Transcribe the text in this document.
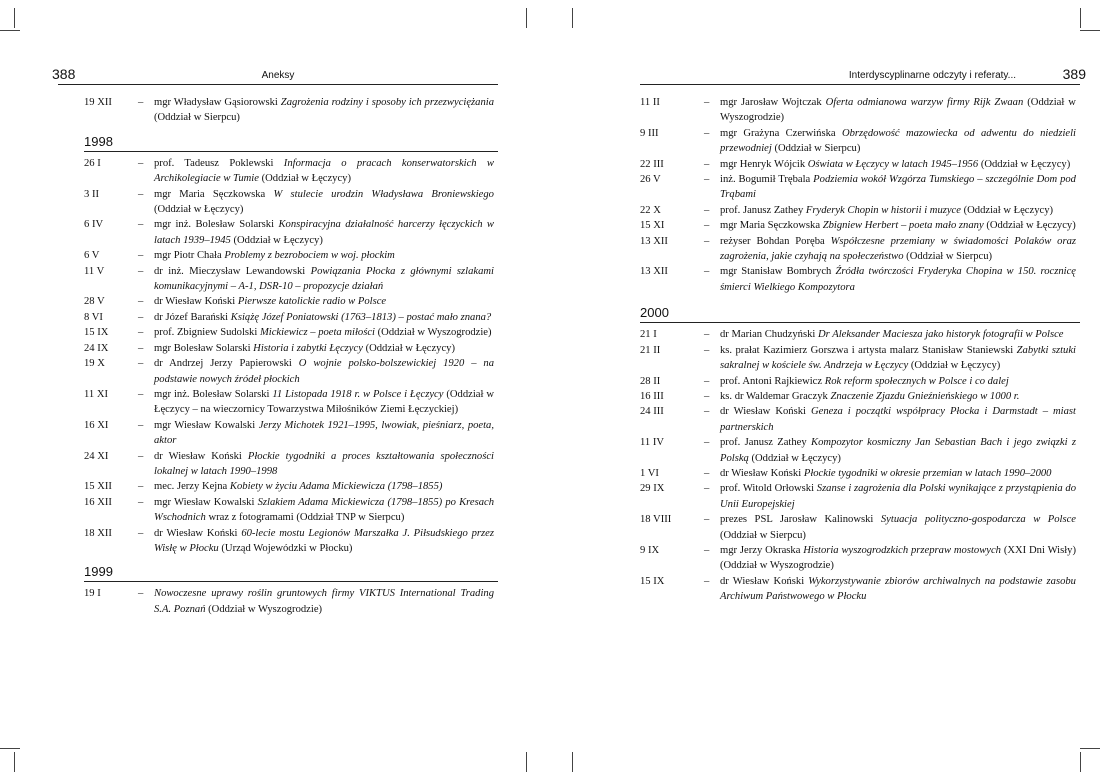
388	Aneksy
19 XII	–	mgr Władysław Gąsiorowski Zagrożenia rodziny i sposoby ich przezwyciężania (Oddział w Sierpcu)
1998
26 I	–	prof. Tadeusz Poklewski Informacja o pracach konserwatorskich w Archikolegiacie w Tumie (Oddział w Łęczycy)
3 II	–	mgr Maria Sęczkowska W stulecie urodzin Władysława Broniewskiego (Oddział w Łęczycy)
6 IV	–	mgr inż. Bolesław Solarski Konspiracyjna działalność harcerzy łęczyckich w latach 1939–1945 (Oddział w Łęczycy)
6 V	–	mgr Piotr Chała Problemy z bezrobociem w woj. płockim
11 V	–	dr inż. Mieczysław Lewandowski Powiązania Płocka z głównymi szlakami komunikacyjnymi – A-1, DSR-10 – propozycje działań
28 V	–	dr Wiesław Koński Pierwsze katolickie radio w Polsce
8 VI	–	dr Józef Barański Książę Józef Poniatowski (1763–1813) – postać mało znana?
15 IX	–	prof. Zbigniew Sudolski Mickiewicz – poeta miłości (Oddział w Wyszogrodzie)
24 IX	–	mgr Bolesław Solarski Historia i zabytki Łęczycy (Oddział w Łęczycy)
19 X	–	dr Andrzej Jerzy Papierowski O wojnie polsko-bolszewickiej 1920 – na podstawie nowych źródeł płockich
11 XI	–	mgr inż. Bolesław Solarski 11 Listopada 1918 r. w Polsce i Łęczycy (Oddział w Łęczycy – na wieczornicy Towarzystwa Miłośników Ziemi Łęczyckiej)
16 XI	–	mgr Wiesław Kowalski Jerzy Michotek 1921–1995, lwowiak, pieśniarz, poeta, aktor
24 XI	–	dr Wiesław Koński Płockie tygodniki a proces kształtowania społeczności lokalnej w latach 1990–1998
15 XII	–	mec. Jerzy Kejna Kobiety w życiu Adama Mickiewicza (1798–1855)
16 XII	–	mgr Wiesław Kowalski Szlakiem Adama Mickiewicza (1798–1855) po Kresach Wschodnich wraz z fotogramami (Oddział TNP w Sierpcu)
18 XII	–	dr Wiesław Koński 60-lecie mostu Legionów Marszałka J. Piłsudskiego przez Wisłę w Płocku (Urząd Wojewódzki w Płocku)
1999
19 I	–	Nowoczesne uprawy roślin gruntowych firmy VIKTUS International Trading S.A. Poznań (Oddział w Wyszogrodzie)
Interdyscyplinarne odczyty i referaty...	389
11 II	–	mgr Jarosław Wojtczak Oferta odmianowa warzyw firmy Rijk Zwaan (Oddział w Wyszogrodzie)
9 III	–	mgr Grażyna Czerwińska Obrzędowość mazowiecka od adwentu do niedzieli przewodniej (Oddział w Sierpcu)
22 III	–	mgr Henryk Wójcik Oświata w Łęczycy w latach 1945–1956 (Oddział w Łęczycy)
26 V	–	inż. Bogumił Trębala Podziemia wokół Wzgórza Tumskiego – szczególnie Dom pod Trąbami
22 X	–	prof. Janusz Zathey Fryderyk Chopin w historii i muzyce (Oddział w Łęczycy)
15 XI	–	mgr Maria Sęczkowska Zbigniew Herbert – poeta mało znany (Oddział w Łęczycy)
13 XII	–	reżyser Bohdan Poręba Współczesne przemiany w świadomości Polaków oraz zagrożenia, jakie czyhają na społeczeństwo (Oddział w Sierpcu)
13 XII	–	mgr Stanisław Bombrych Źródła twórczości Fryderyka Chopina w 150. rocznicę śmierci Wielkiego Kompozytora
2000
21 I	–	dr Marian Chudzyński Dr Aleksander Maciesza jako historyk fotografii w Polsce
21 II	–	ks. prałat Kazimierz Gorszwa i artysta malarz Stanisław Staniewski Zabytki sztuki sakralnej w kościele św. Andrzeja w Łęczycy (Oddział w Łęczycy)
28 II	–	prof. Antoni Rajkiewicz Rok reform społecznych w Polsce i co dalej
16 III	–	ks. dr Waldemar Graczyk Znaczenie Zjazdu Gnieźnieńskiego w 1000 r.
24 III	–	dr Wiesław Koński Geneza i początki współpracy Płocka i Darmstadt – miast partnerskich
11 IV	–	prof. Janusz Zathey Kompozytor kosmiczny Jan Sebastian Bach i jego związki z Polską (Oddział w Łęczycy)
1 VI	–	dr Wiesław Koński Płockie tygodniki w okresie przemian w latach 1990–2000
29 IX	–	prof. Witold Orłowski Szanse i zagrożenia dla Polski wynikające z przystąpienia do Unii Europejskiej
18 VIII	–	prezes PSL Jarosław Kalinowski Sytuacja polityczno-gospodarcza w Polsce (Oddział w Sierpcu)
9 IX	–	mgr Jerzy Okraska Historia wyszogrodzkich przepraw mostowych (XXI Dni Wisły) (Oddział w Wyszogrodzie)
15 IX	–	dr Wiesław Koński Wykorzystywanie zbiorów archiwalnych na podstawie zasobu Archiwum Państwowego w Płocku
